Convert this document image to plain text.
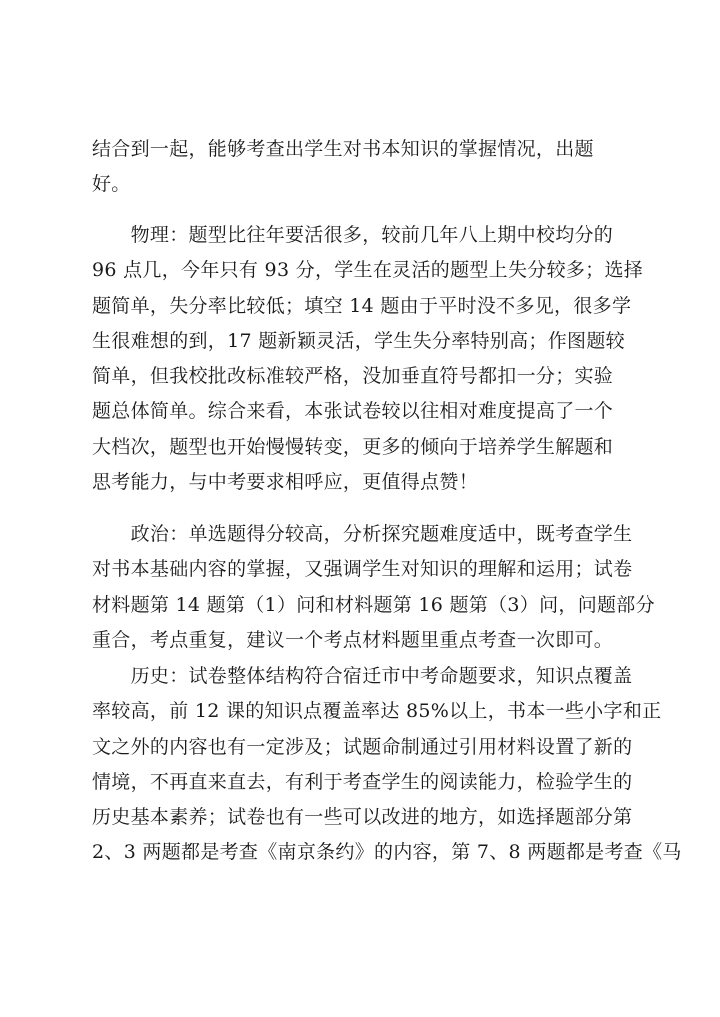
结合到一起，能够考查出学生对书本知识的掌握情况，出题
好。

　　物理：题型比往年要活很多，较前几年八上期中校均分的
96 点几，今年只有 93 分，学生在灵活的题型上失分较多；选择
题简单，失分率比较低；填空 14 题由于平时没不多见，很多学
生很难想的到，17 题新颖灵活，学生失分率特别高；作图题较
简单，但我校批改标准较严格，没加垂直符号都扣一分；实验
题总体简单。综合来看，本张试卷较以往相对难度提高了一个
大档次，题型也开始慢慢转变，更多的倾向于培养学生解题和
思考能力，与中考要求相呼应，更值得点赞！

　　政治：单选题得分较高，分析探究题难度适中，既考查学生
对书本基础内容的掌握，又强调学生对知识的理解和运用；试卷
材料题第 14 题第（1）问和材料题第 16 题第（3）问，问题部分
重合，考点重复，建议一个考点材料题里重点考查一次即可。

　　历史：试卷整体结构符合宿迁市中考命题要求，知识点覆盖
率较高，前 12 课的知识点覆盖率达 85%以上，书本一些小字和正
文之外的内容也有一定涉及；试题命制通过引用材料设置了新的
情境，不再直来直去，有利于考查学生的阅读能力，检验学生的
历史基本素养；试卷也有一些可以改进的地方，如选择题部分第
2、3 两题都是考查《南京条约》的内容，第 7、8 两题都是考查《马
